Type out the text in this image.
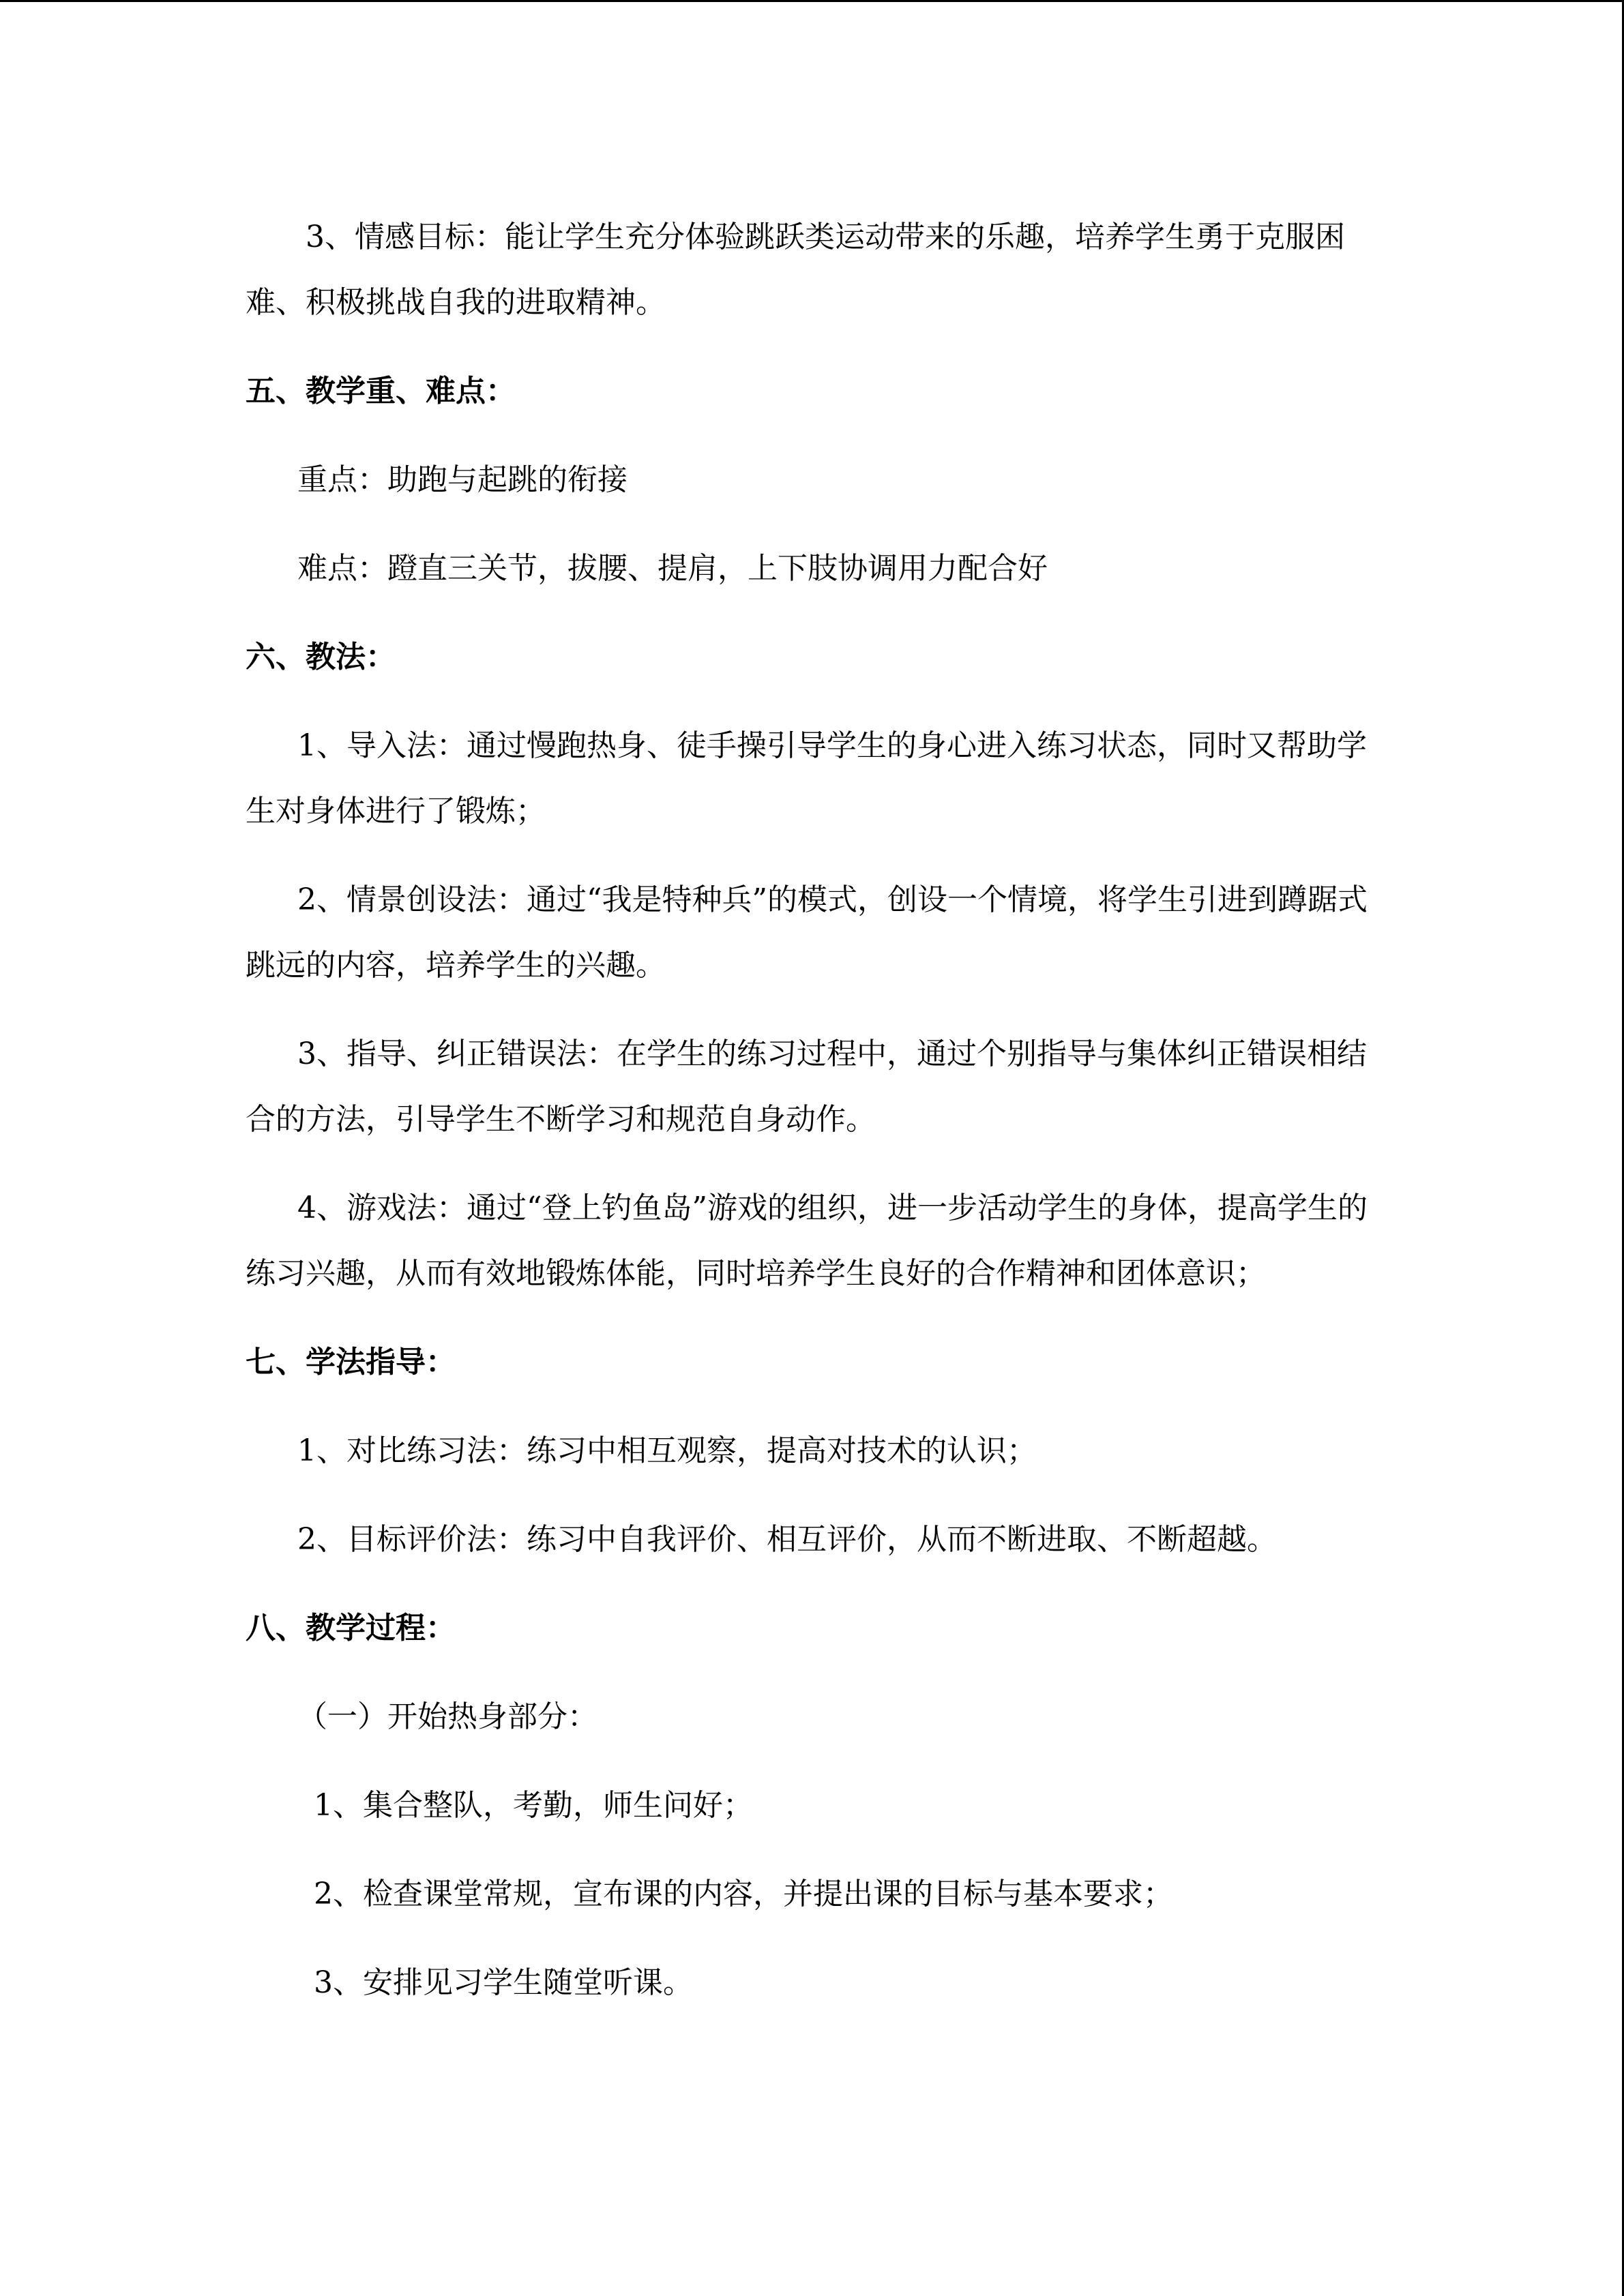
3、情感目标：能让学生充分体验跳跃类运动带来的乐趣，培养学生勇于克服困难、积极挑战自我的进取精神。

五、教学重、难点：

重点：助跑与起跳的衔接

难点：蹬直三关节，拔腰、提肩，上下肢协调用力配合好

六、教法：

1、导入法：通过慢跑热身、徒手操引导学生的身心进入练习状态，同时又帮助学生对身体进行了锻炼；

2、情景创设法：通过“我是特种兵”的模式，创设一个情境，将学生引进到蹲踞式跳远的内容，培养学生的兴趣。

3、指导、纠正错误法：在学生的练习过程中，通过个别指导与集体纠正错误相结合的方法，引导学生不断学习和规范自身动作。

4、游戏法：通过“登上钓鱼岛”游戏的组织，进一步活动学生的身体，提高学生的练习兴趣，从而有效地锻炼体能，同时培养学生良好的合作精神和团体意识；

七、学法指导：

1、对比练习法：练习中相互观察，提高对技术的认识；

2、目标评价法：练习中自我评价、相互评价，从而不断进取、不断超越。

八、教学过程：

（一）开始热身部分：

1、集合整队，考勤，师生问好；

2、检查课堂常规，宣布课的内容，并提出课的目标与基本要求；

3、安排见习学生随堂听课。
